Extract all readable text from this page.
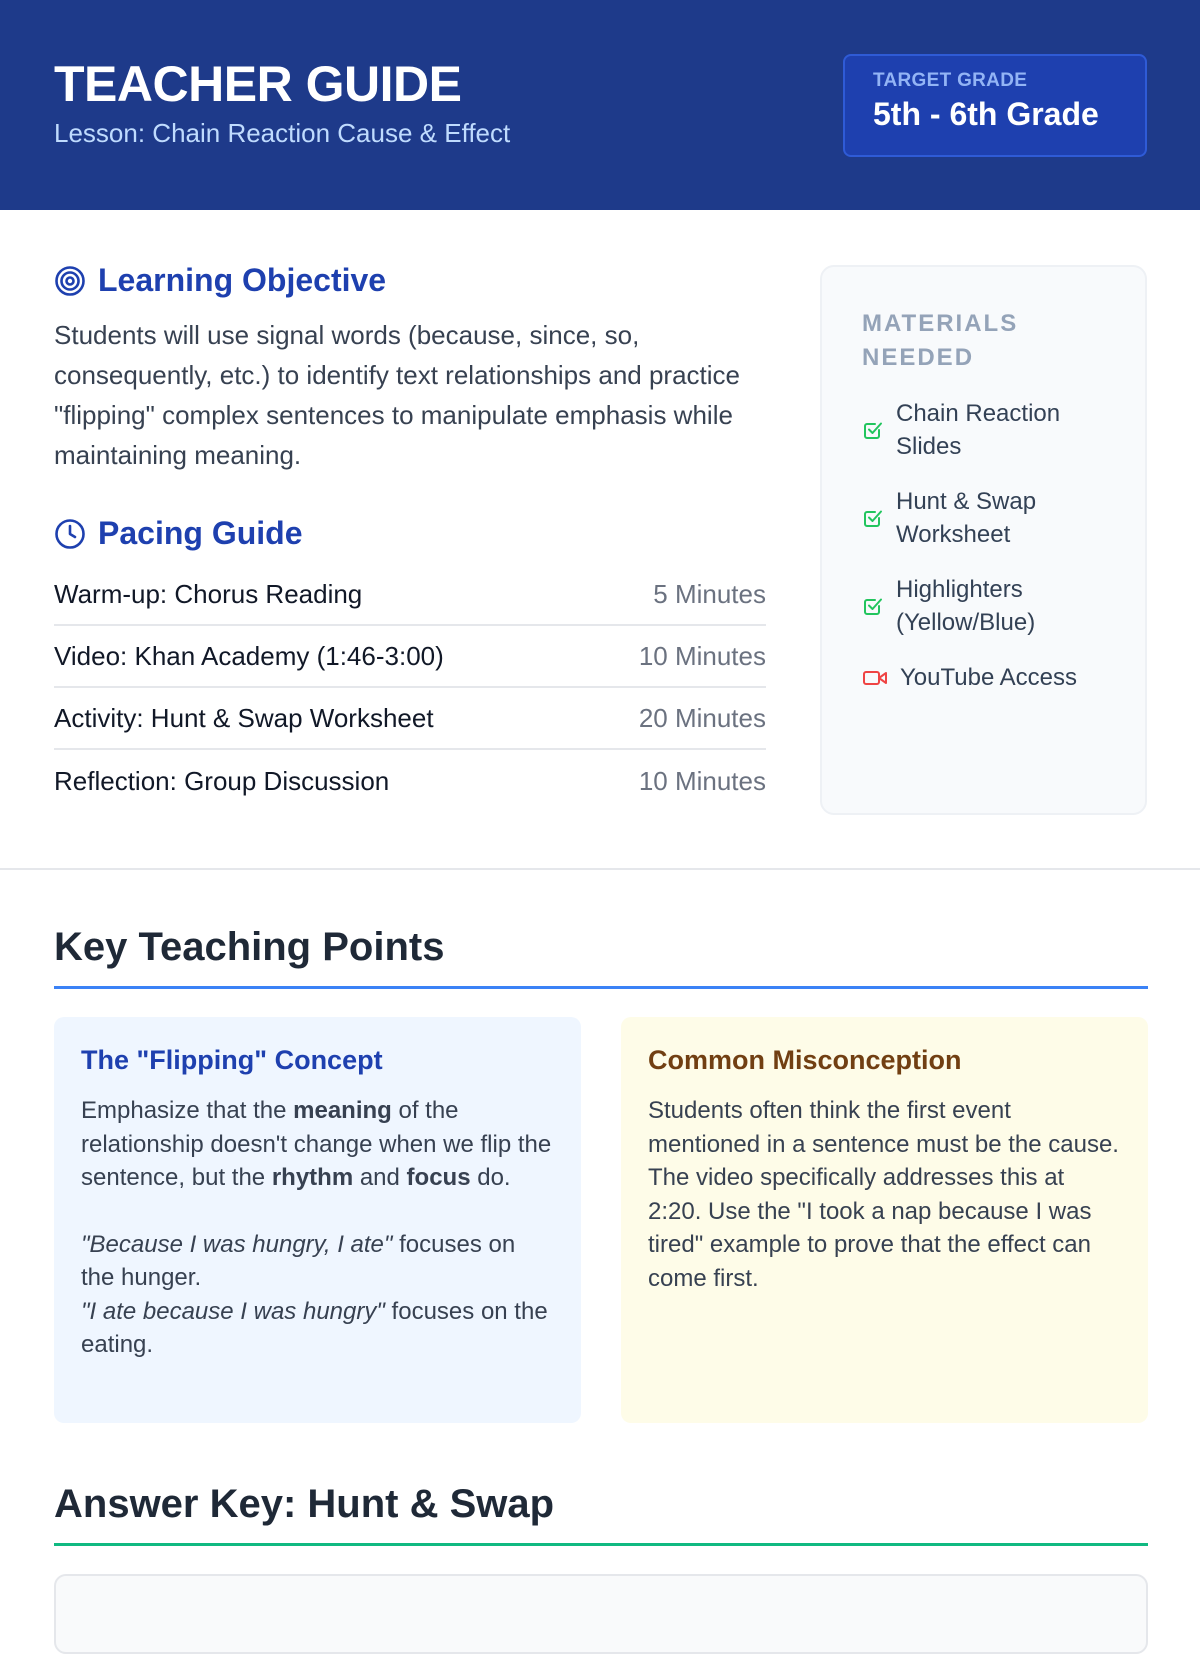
TEACHER GUIDE
Lesson: Chain Reaction Cause & Effect
TARGET GRADE
5th - 6th Grade
Learning Objective

Students will use signal words (because, since, so, consequently, etc.) to identify text relationships and practice "flipping" complex sentences to manipulate emphasis while maintaining meaning.

Pacing Guide
Warm-up: Chorus Reading	5 Minutes
Video: Khan Academy (1:46-3:00)	10 Minutes
Activity: Hunt & Swap Worksheet	20 Minutes
Reflection: Group Discussion	10 Minutes
MATERIALS
NEEDED
Chain Reaction
Slides
Hunt & Swap
Worksheet
Highlighters
(Yellow/Blue)
YouTube Access
Key Teaching Points
The "Flipping" Concept

Emphasize that the meaning of the relationship doesn't change when we flip the sentence, but the rhythm and focus do.

"Because I was hungry, I ate" focuses on the hunger.
"I ate because I was hungry" focuses on the eating.

Common Misconception

Students often think the first event mentioned in a sentence must be the cause. The video specifically addresses this at 2:20. Use the "I took a nap because I was tired" example to prove that the effect can come first.

Answer Key: Hunt & Swap
